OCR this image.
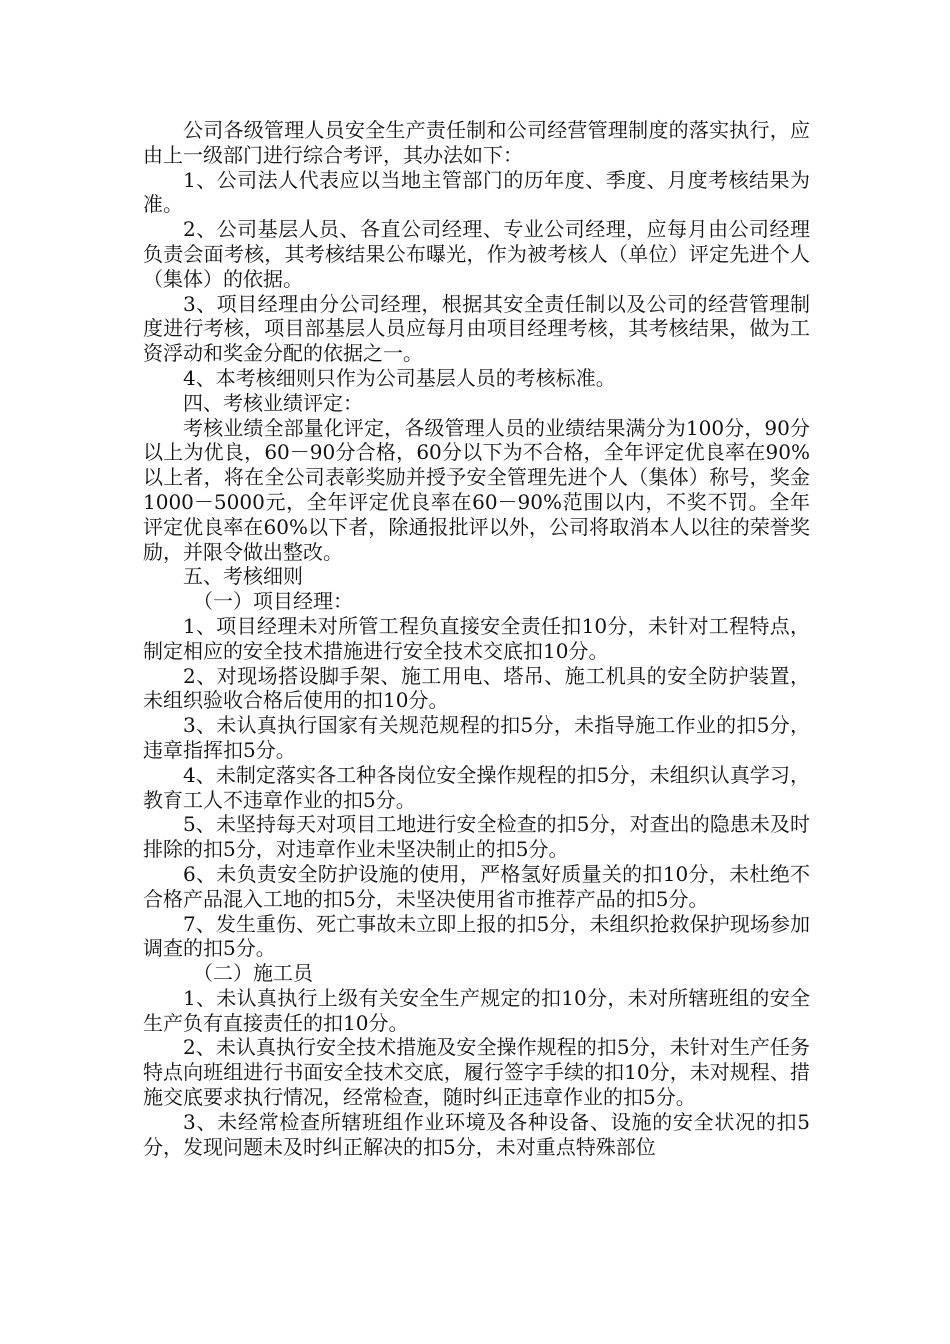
公司各级管理人员安全生产责任制和公司经营管理制度的落实执行，应由上一级部门进行综合考评，其办法如下：

1、公司法人代表应以当地主管部门的历年度、季度、月度考核结果为准。

2、公司基层人员、各直公司经理、专业公司经理，应每月由公司经理负责会面考核，其考核结果公布曝光，作为被考核人（单位）评定先进个人（集体）的依据。

3、项目经理由分公司经理，根据其安全责任制以及公司的经营管理制度进行考核，项目部基层人员应每月由项目经理考核，其考核结果，做为工资浮动和奖金分配的依据之一。

4、本考核细则只作为公司基层人员的考核标准。

四、考核业绩评定：

考核业绩全部量化评定，各级管理人员的业绩结果满分为100分，90分以上为优良，60－90分合格，60分以下为不合格，全年评定优良率在90%以上者，将在全公司表彰奖励并授予安全管理先进个人（集体）称号，奖金1000－5000元，全年评定优良率在60－90%范围以内，不奖不罚。全年评定优良率在60%以下者，除通报批评以外，公司将取消本人以往的荣誉奖励，并限令做出整改。

五、考核细则

（一）项目经理：

1、项目经理未对所管工程负直接安全责任扣10分，未针对工程特点，制定相应的安全技术措施进行安全技术交底扣10分。

2、对现场搭设脚手架、施工用电、塔吊、施工机具的安全防护装置，未组织验收合格后使用的扣10分。

3、未认真执行国家有关规范规程的扣5分，未指导施工作业的扣5分，违章指挥扣5分。

4、未制定落实各工种各岗位安全操作规程的扣5分，未组织认真学习，教育工人不违章作业的扣5分。

5、未坚持每天对项目工地进行安全检查的扣5分，对查出的隐患未及时排除的扣5分，对违章作业未坚决制止的扣5分。

6、未负责安全防护设施的使用，严格氢好质量关的扣10分，未杜绝不合格产品混入工地的扣5分，未坚决使用省市推荐产品的扣5分。

7、发生重伤、死亡事故未立即上报的扣5分，未组织抢救保护现场参加调查的扣5分。

（二）施工员

1、未认真执行上级有关安全生产规定的扣10分，未对所辖班组的安全生产负有直接责任的扣10分。

2、未认真执行安全技术措施及安全操作规程的扣5分，未针对生产任务特点向班组进行书面安全技术交底，履行签字手续的扣10分，未对规程、措施交底要求执行情况，经常检查，随时纠正违章作业的扣5分。

3、未经常检查所辖班组作业环境及各种设备、设施的安全状况的扣5分，发现问题未及时纠正解决的扣5分，未对重点特殊部位
